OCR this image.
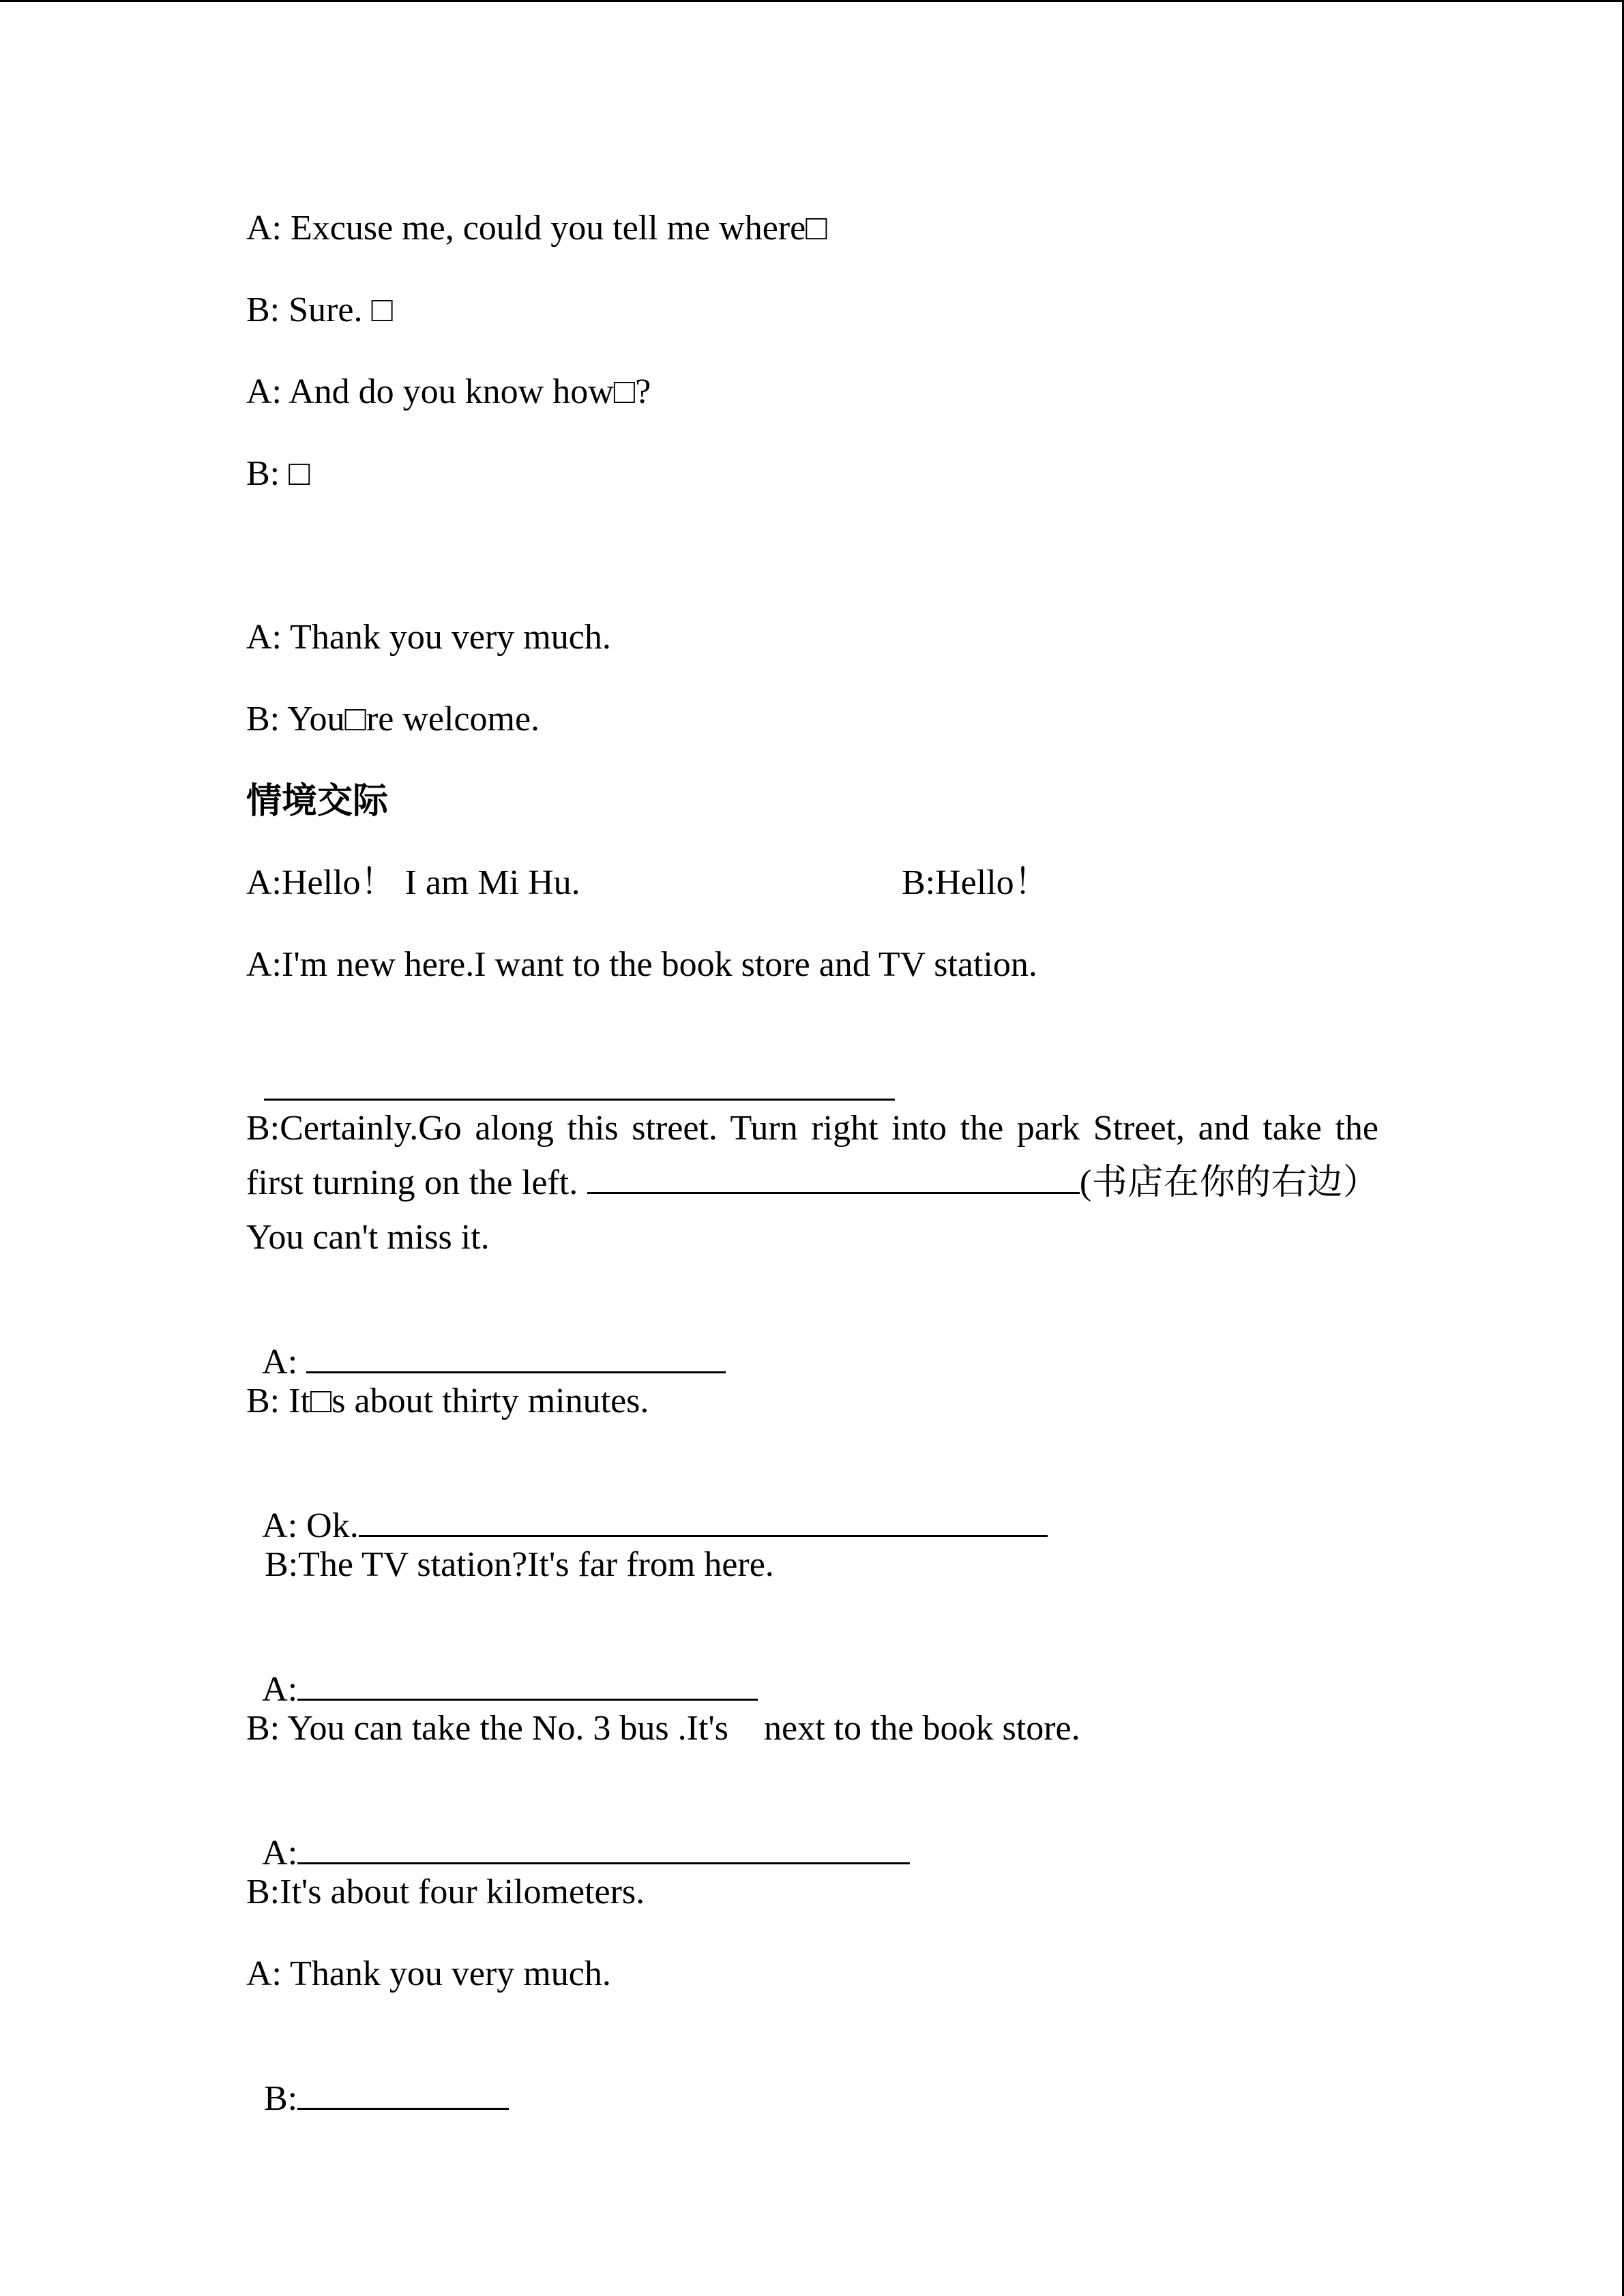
A: Excuse me, could you tell me where□
B: Sure. □
A: And do you know how□?
B: □
A: Thank you very much.
B: You□re welcome.
情境交际
A:Hello！ I am Mi Hu.	B:Hello！
A:I'm new here.I want to the book store and TV station.

B:Certainly.Go along this street. Turn right into the park Street, and take the first turning on the left.	(书店在你的右边）You can't miss it.

A:

B: It□s about thirty minutes.

A: Ok.

B:The TV station?It's far from here.

A:

B: You can take the No. 3 bus .It's    next to the book store.

A:

B:It's about four kilometers.
A: Thank you very much.

B:
